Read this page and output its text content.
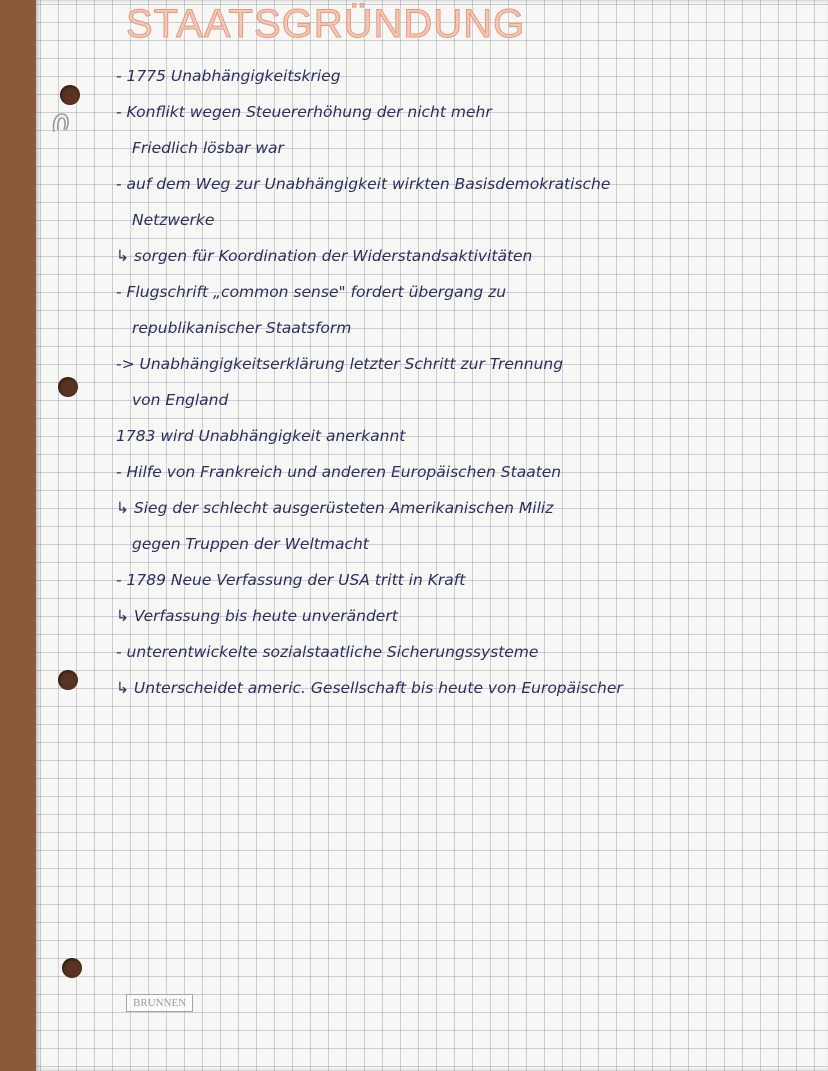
STAATSGRÜNDUNG
- 1775 Unabhängigkeitskrieg
- Konflikt wegen Steuererhöhung der nicht mehr
Friedlich lösbar war
- auf dem Weg zur Unabhängigkeit wirkten Basisdemokratische
Netzwerke
↳ sorgen für Koordination der Widerstandsaktivitäten
- Flugschrift „common sense" fordert übergang zu
republikanischer Staatsform
-> Unabhängigkeitserklärung letzter Schritt zur Trennung
von England
1783 wird Unabhängigkeit anerkannt
- Hilfe von Frankreich und anderen Europäischen Staaten
↳ Sieg der schlecht ausgerüsteten Amerikanischen Miliz
gegen Truppen der Weltmacht
- 1789 Neue Verfassung der USA tritt in Kraft
↳ Verfassung bis heute unverändert
- unterentwickelte sozialstaatliche Sicherungssysteme
↳ Unterscheidet americ. Gesellschaft bis heute von Europäischer
BRUNNEN
